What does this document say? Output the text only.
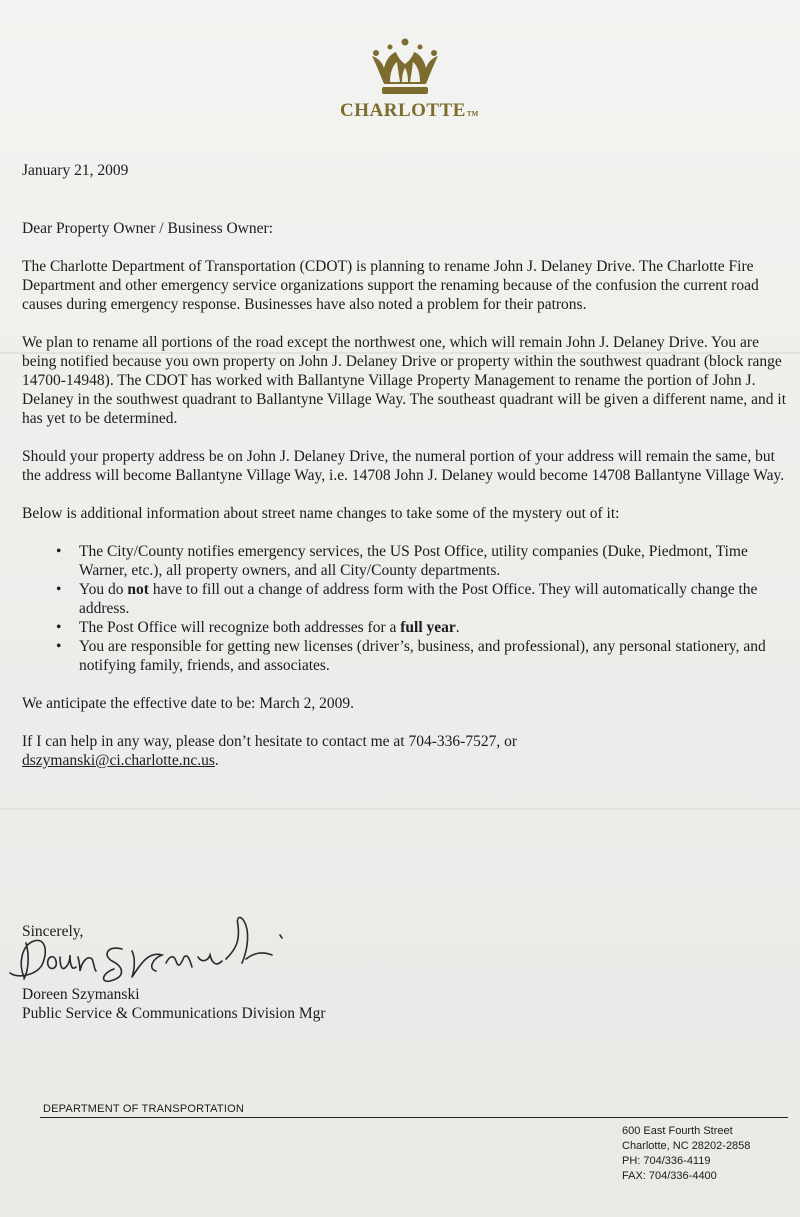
CHARLOTTETM

January 21, 2009

Dear Property Owner / Business Owner:

The Charlotte Department of Transportation (CDOT) is planning to rename John J. Delaney Drive. The Charlotte Fire Department and other emergency service organizations support the renaming because of the confusion the current road causes during emergency response. Businesses have also noted a problem for their patrons.

We plan to rename all portions of the road except the northwest one, which will remain John J. Delaney Drive. You are being notified because you own property on John J. Delaney Drive or property within the southwest quadrant (block range 14700-14948). The CDOT has worked with Ballantyne Village Property Management to rename the portion of John J. Delaney in the southwest quadrant to Ballantyne Village Way. The southeast quadrant will be given a different name, and it has yet to be determined.

Should your property address be on John J. Delaney Drive, the numeral portion of your address will remain the same, but the address will become Ballantyne Village Way, i.e. 14708 John J. Delaney would become 14708 Ballantyne Village Way.

Below is additional information about street name changes to take some of the mystery out of it:

• The City/County notifies emergency services, the US Post Office, utility companies (Duke, Piedmont, Time Warner, etc.), all property owners, and all City/County departments.
• You do not have to fill out a change of address form with the Post Office. They will automatically change the address.
• The Post Office will recognize both addresses for a full year.
• You are responsible for getting new licenses (driver’s, business, and professional), any personal stationery, and notifying family, friends, and associates.

We anticipate the effective date to be: March 2, 2009.

If I can help in any way, please don’t hesitate to contact me at 704-336-7527, or
dszymanski@ci.charlotte.nc.us.

Sincerely,

Doreen Szymanski

Public Service & Communications Division Mgr

DEPARTMENT OF TRANSPORTATION

600 East Fourth Street

Charlotte, NC 28202-2858

PH: 704/336-4119

FAX: 704/336-4400
